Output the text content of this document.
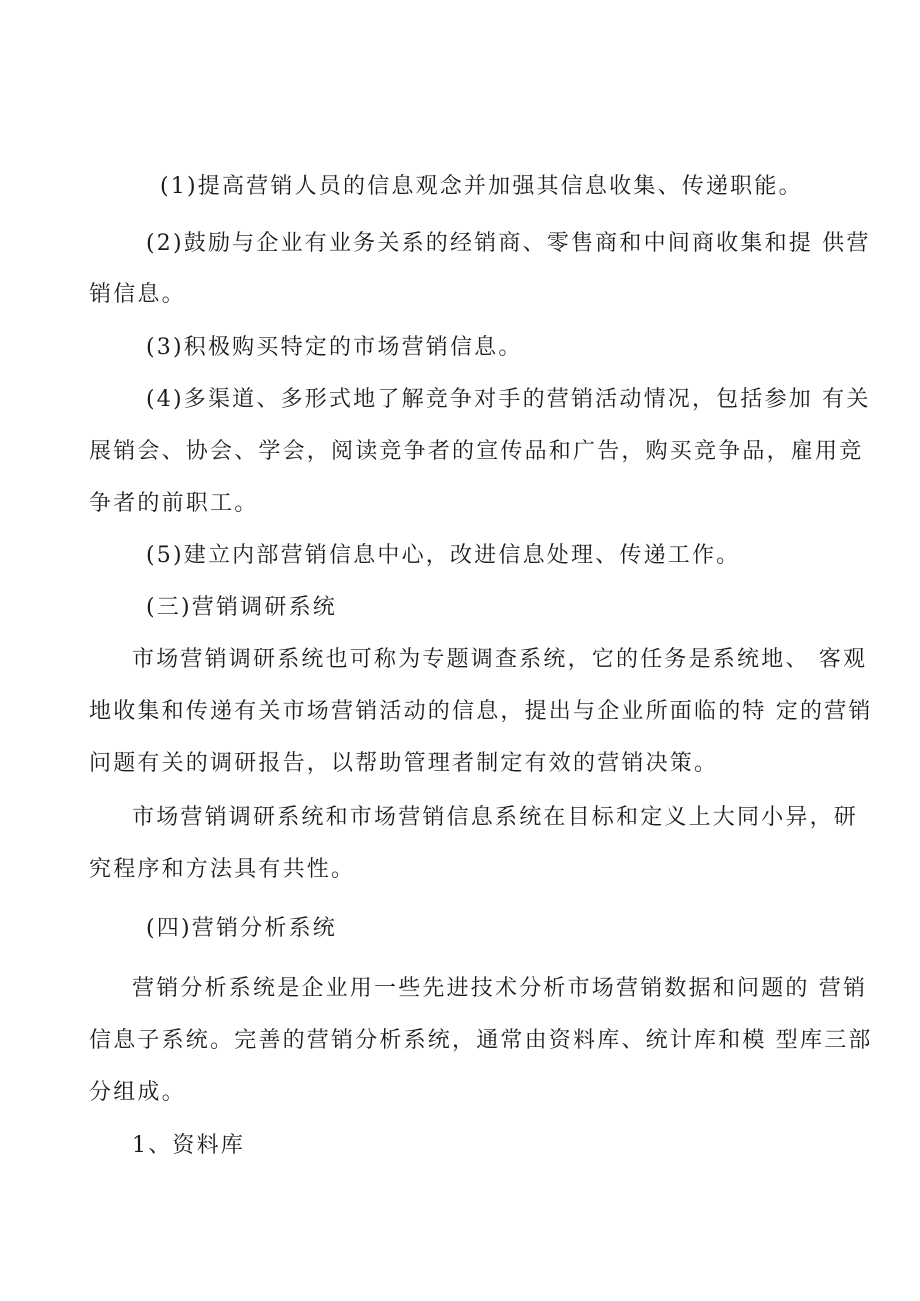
(1)提高营销人员的信息观念并加强其信息收集、传递职能。
(2)鼓励与企业有业务关系的经销商、零售商和中间商收集和提 供营
销信息。
(3)积极购买特定的市场营销信息。
(4)多渠道、多形式地了解竞争对手的营销活动情况，包括参加 有关
展销会、协会、学会，阅读竞争者的宣传品和广告，购买竞争品，雇用竞
争者的前职工。
(5)建立内部营销信息中心，改进信息处理、传递工作。
(三)营销调研系统
市场营销调研系统也可称为专题调查系统，它的任务是系统地、 客观
地收集和传递有关市场营销活动的信息，提出与企业所面临的特 定的营销
问题有关的调研报告，以帮助管理者制定有效的营销决策。
市场营销调研系统和市场营销信息系统在目标和定义上大同小异，研
究程序和方法具有共性。
(四)营销分析系统
营销分析系统是企业用一些先进技术分析市场营销数据和问题的 营销
信息子系统。完善的营销分析系统，通常由资料库、统计库和模 型库三部
分组成。
1、资料库
